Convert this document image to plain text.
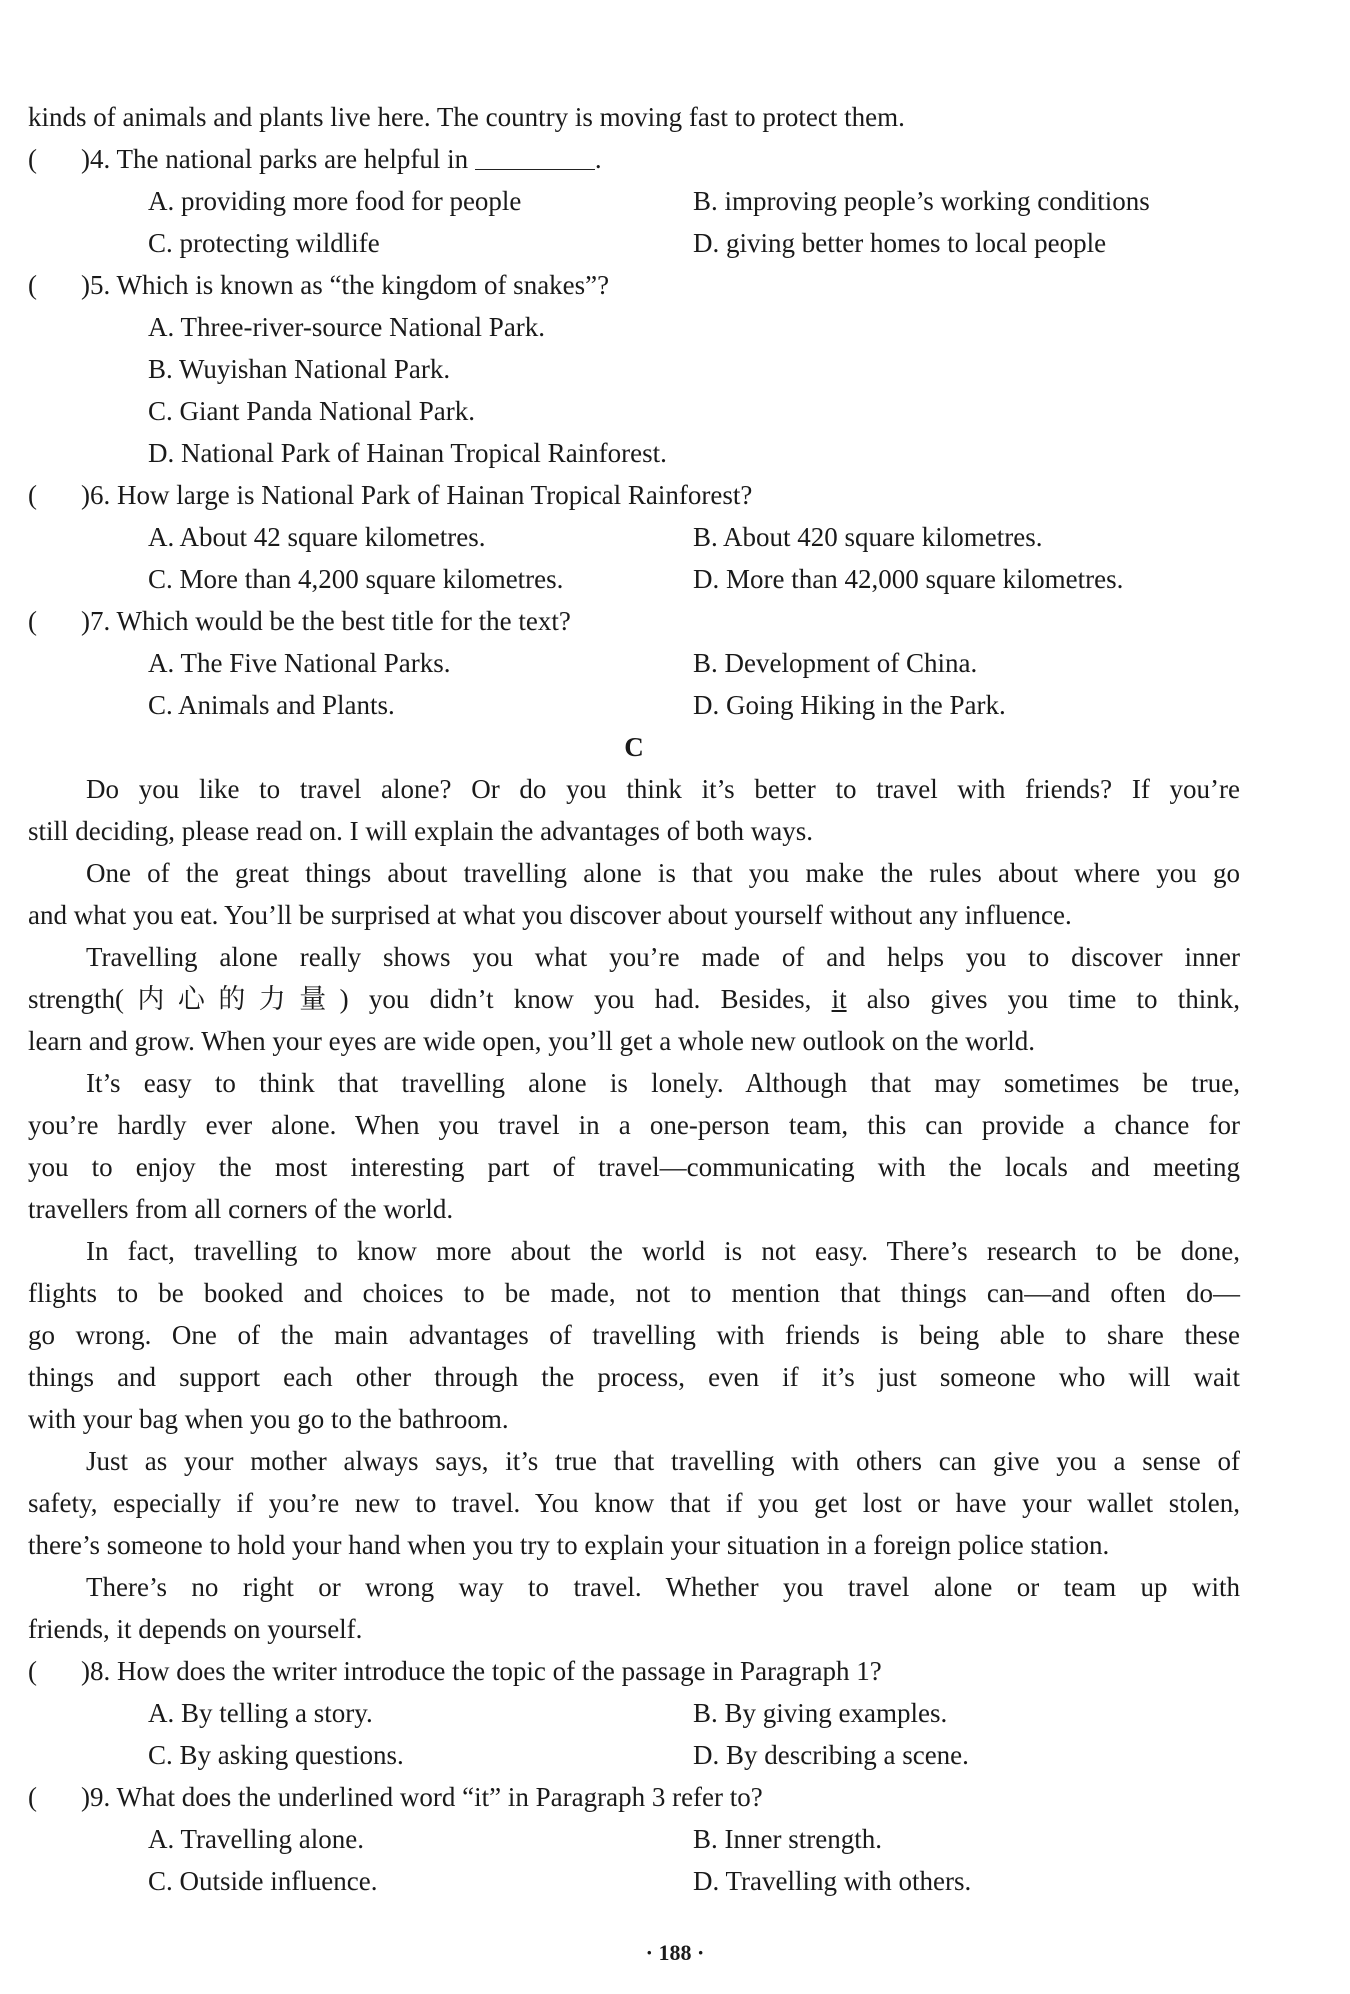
kinds of animals and plants live here. The country is moving fast to protect them.
(	)4. The national parks are helpful in	.
A. providing more food for people	B. improving people’s working conditions
C. protecting wildlife	D. giving better homes to local people
(	)5. Which is known as “the kingdom of snakes”?
A. Three-river-source National Park.
B. Wuyishan National Park.
C. Giant Panda National Park.
D. National Park of Hainan Tropical Rainforest.
(	)6. How large is National Park of Hainan Tropical Rainforest?
A. About 42 square kilometres.	B. About 420 square kilometres.
C. More than 4,200 square kilometres.	D. More than 42,000 square kilometres.
(	)7. Which would be the best title for the text?
A. The Five National Parks.	B. Development of China.
C. Animals and Plants.	D. Going Hiking in the Park.
C
Do you like to travel alone? Or do you think it’s better to travel with friends? If you’re
still deciding, please read on. I will explain the advantages of both ways.
One of the great things about travelling alone is that you make the rules about where you go
and what you eat. You’ll be surprised at what you discover about yourself without any influence.
Travelling alone really shows you what you’re made of and helps you to discover inner
strength(内心的力量) you didn’t know you had. Besides, it also gives you time to think,
learn and grow. When your eyes are wide open, you’ll get a whole new outlook on the world.
It’s easy to think that travelling alone is lonely. Although that may sometimes be true,
you’re hardly ever alone. When you travel in a one-person team, this can provide a chance for
you to enjoy the most interesting part of travel—communicating with the locals and meeting
travellers from all corners of the world.
In fact, travelling to know more about the world is not easy. There’s research to be done,
flights to be booked and choices to be made, not to mention that things can—and often do—
go wrong. One of the main advantages of travelling with friends is being able to share these
things and support each other through the process, even if it’s just someone who will wait
with your bag when you go to the bathroom.
Just as your mother always says, it’s true that travelling with others can give you a sense of
safety, especially if you’re new to travel. You know that if you get lost or have your wallet stolen,
there’s someone to hold your hand when you try to explain your situation in a foreign police station.
There’s no right or wrong way to travel. Whether you travel alone or team up with
friends, it depends on yourself.
(	)8. How does the writer introduce the topic of the passage in Paragraph 1?
A. By telling a story.	B. By giving examples.
C. By asking questions.	D. By describing a scene.
(	)9. What does the underlined word “it” in Paragraph 3 refer to?
A. Travelling alone.	B. Inner strength.
C. Outside influence.	D. Travelling with others.
· 188 ·
